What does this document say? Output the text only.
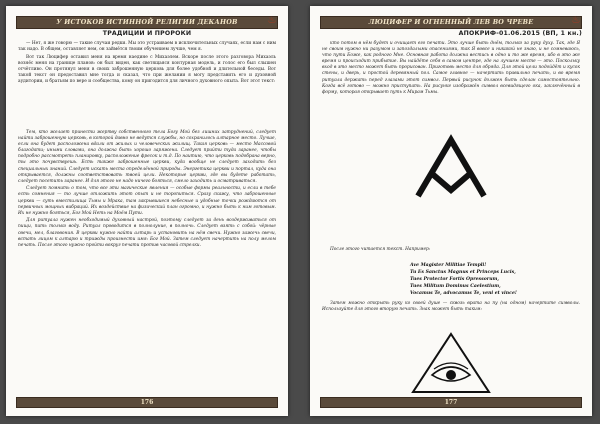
У ИСТОКОВ ИСТИННОЙ РЕЛИГИИ ДЕКАНОВ	♨
ТРАДИЦИИ И ПРОРОКИ

— Нет, я же говорю — такие случаи редки. Мы это устраиваем в исключительных случаях, если нам с ним так надо. В общем, оставляет нем, он займётся твоим обучением лучше, чем я.

Вот так Люцифер оставил меня на время наедине с Михаэлем. Вскоре после этого разговора Михаэль вознёс меня на границе планов: он был виден, как светящаяся контурная модель, и голос его был слышен отчётливо. Он протянул меня в своих заброшенную церковь для более удобной и длительной беседы. Вот такой текст он предоставил мне тогда и сказал, что при желании я могу представить его и духовной аудитории, и братьям по вере и сообщества, кому он пригодится для личного духовного опыта. Вот этот текст:

Тем, кто желает принести жертву собственного тела Богу Мой без лишних затруднений, следует найти заброшенную церковь, в которой давно не ведутся службы, но сохранилось алтарное место. Лучше, если она будет расположена вдали от жилых и человеческих жилищ. Такая церковь — место Массовой благодати; иными словами, она должна быть хорошо заряжена. Следует прийти туда заранее, чтобы подробно рассмотреть планировку, расположение фресок и т.д. По наитию, что церковь подобрана верно, ты это почувствуешь. Есть также заброшенные церкви, куда вообще не следует заходить без специальных знаний. Следует искать места определённой природы. Энергетика церкви и портал, куда она открывается, должны соответствовать твоей цели. Некоторые церкви, где вы будете работать, следует посетить заранее. И для этого не надо ничего бояться, смело заходить и осматриваться.

Следует помнить о том, что все эти магические явления — особые формы реальности, и если в тебе есть сомнения — то лучше отложить этот опыт и не торопиться. Сразу скажу, что заброшенные церкви — суть вместилища Тьмы и Мрака, там закрывшиеся небесные и удобные точки рождаются от первичных мощных вибраций. Их воздействие на физический план огромно, и нужно быть к ним готовым. Их не нужно бояться, Бог Мой Неть на Моём Пути.

Для ритуала нужен необходимый духовный настрой, поэтому следует за день воздерживаться от пищи, пить только воду. Ритуал проводится в полнолуние, в полночь. Следует взять с собой: чёрные свечи, мел, благовония. В церкви нужно найти алтарь и установить на нём свечи. Нужно зажечь свечи, встать лицом к алтарю и трижды произнести имя: Бог Мой. Затем следует начертить на полу мелом печать. После этого нужно пройти вокруг печати против часовой стрелки.

176
ЛЮЦИФЕР И ОГНЕННЫЙ ЛЕВ ВО ЧРЕВЕ	♨
АПОКРИФ-01.06.2015 (ВП, 1 кн.)

кто потом в нём будет и очищает его печати. Это лучше быть днём, только за руку духу. Так, где Я не своим нужно ни разумом и запоздалыми опасениями, так Я вовсе и никакой не знаю, и не сомневаюсь, что пути Боже, как родного Мне. Основная работа должна вестись в одно и то же время, ибо в это же время и происходит прибытие. Вы найдёте себя в самом центре, где на лучшем месте — это. Поскольку вход в это место может быть прорисован. Приготовь место для обряда. Для этой цели подойдёт и кусок стены, и дверь, и простой деревянный пол. Самое главное — начертить правильно печать, и во время ритуала держать перед глазами этот символ. Первый рисунок должен быть сделан самостоятельно. Когда всё готово — можно приступать. На рисунке изображён символ всевидящего ока, заключённый в форму, которая открывает путь к Мирам Тьмы.

После этого читается текст. Например:

Ave Magister Militiae Templi!
Tu Es Sanctus Magnus et Princeps Lucis,
Tues Protector Fortis Opressorum,
Tues Militum Dominus Caelestium,
Vocamus Te, advocamus Te, veni et vince!

Затем можно открыть руку ко своей душе — сквозь врата на пу (на одном) начертите символы. Используйте для этого вторую печать. Знак может быть таким:

177
